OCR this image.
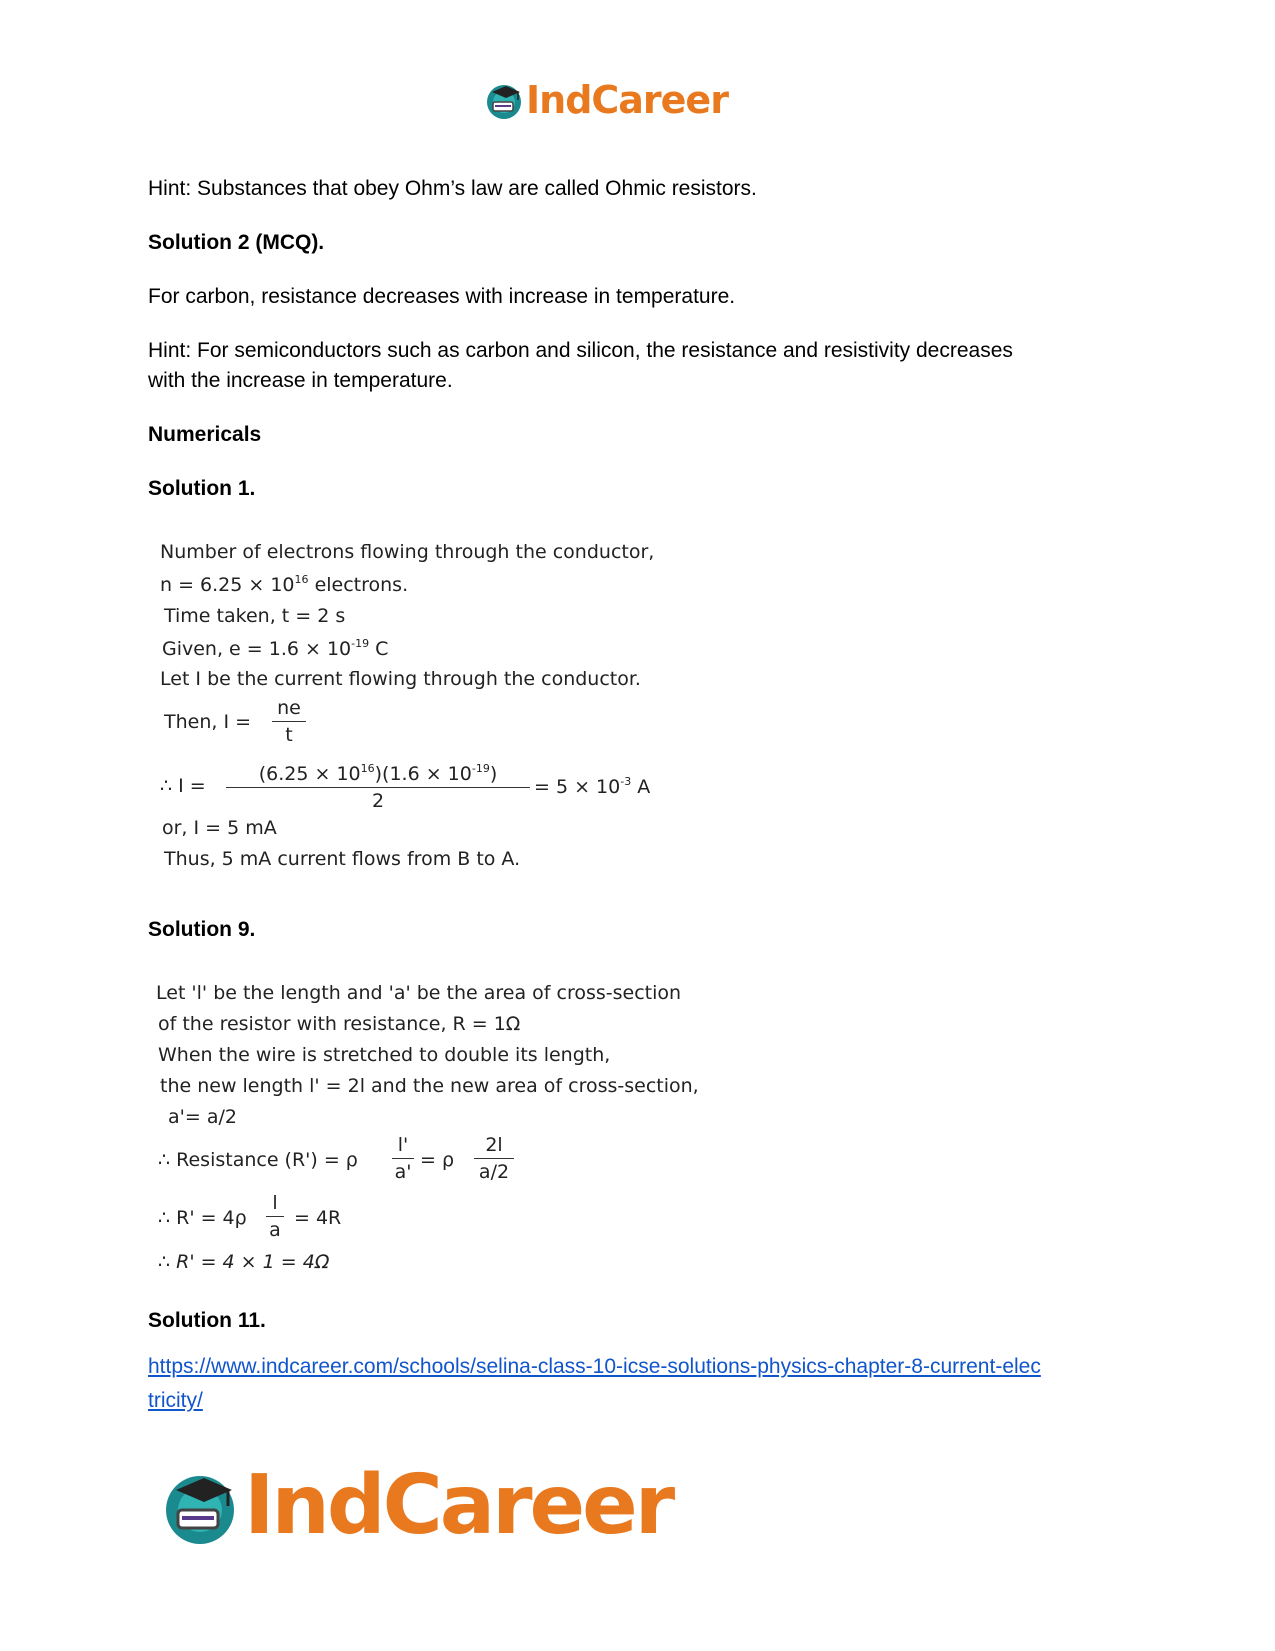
IndCareer
Hint: Substances that obey Ohm’s law are called Ohmic resistors.
Solution 2 (MCQ).
For carbon, resistance decreases with increase in temperature.
Hint: For semiconductors such as carbon and silicon, the resistance and resistivity decreases
with the increase in temperature.
Numericals
Solution 1.
Number of electrons flowing through the conductor,
$n = 6.25 \times 10^{16}$ electrons.
Time taken, t = 2 s
Given, $e = 1.6 \times 10^{-19}$ C
Let I be the current flowing through the conductor.
Then, I =
ne
t
∴ I =
$(6.25 \times 10^{16})(1.6 \times 10^{-19})$
2
= $5 \times 10^{-3}$ A
or, I = 5 mA
Thus, 5 mA current flows from B to A.
Solution 9.
Let 'l' be the length and 'a' be the area of cross-section
of the resistor with resistance, R = 1Ω
When the wire is stretched to double its length,
the new length l' = 2l and the new area of cross-section,
a'= a/2
∴ Resistance (R') = ρ
l'
a'
= ρ
2l
a/2
∴ R' = 4ρ
l
a
= 4R
∴ R' = 4 × 1 = 4Ω
Solution 11.
https://www.indcareer.com/schools/selina-class-10-icse-solutions-physics-chapter-8-current-elec
tricity/
IndCareer
